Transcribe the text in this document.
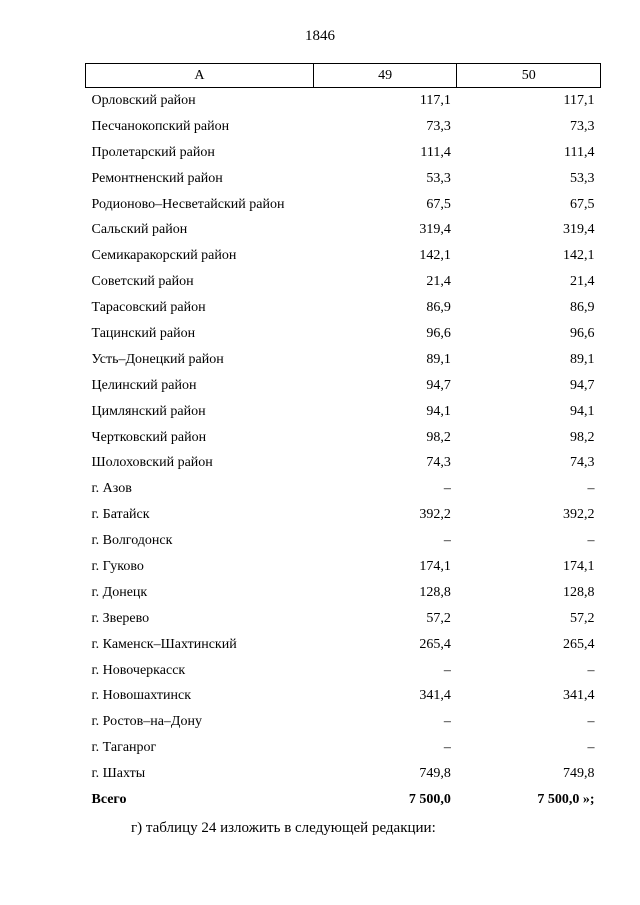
1846
А	49	50
Орловский район	117,1	117,1
Песчанокопский район	73,3	73,3
Пролетарский район	111,4	111,4
Ремонтненский район	53,3	53,3
Родионово–Несветайский район	67,5	67,5
Сальский район	319,4	319,4
Семикаракорский район	142,1	142,1
Советский район	21,4	21,4
Тарасовский район	86,9	86,9
Тацинский район	96,6	96,6
Усть–Донецкий район	89,1	89,1
Целинский район	94,7	94,7
Цимлянский район	94,1	94,1
Чертковский район	98,2	98,2
Шолоховский район	74,3	74,3
г. Азов	–	–
г. Батайск	392,2	392,2
г. Волгодонск	–	–
г. Гуково	174,1	174,1
г. Донецк	128,8	128,8
г. Зверево	57,2	57,2
г. Каменск–Шахтинский	265,4	265,4
г. Новочеркасск	–	–
г. Новошахтинск	341,4	341,4
г. Ростов–на–Дону	–	–
г. Таганрог	–	–
г. Шахты	749,8	749,8
Всего	7 500,0	7 500,0 »;
г) таблицу 24 изложить в следующей редакции:
